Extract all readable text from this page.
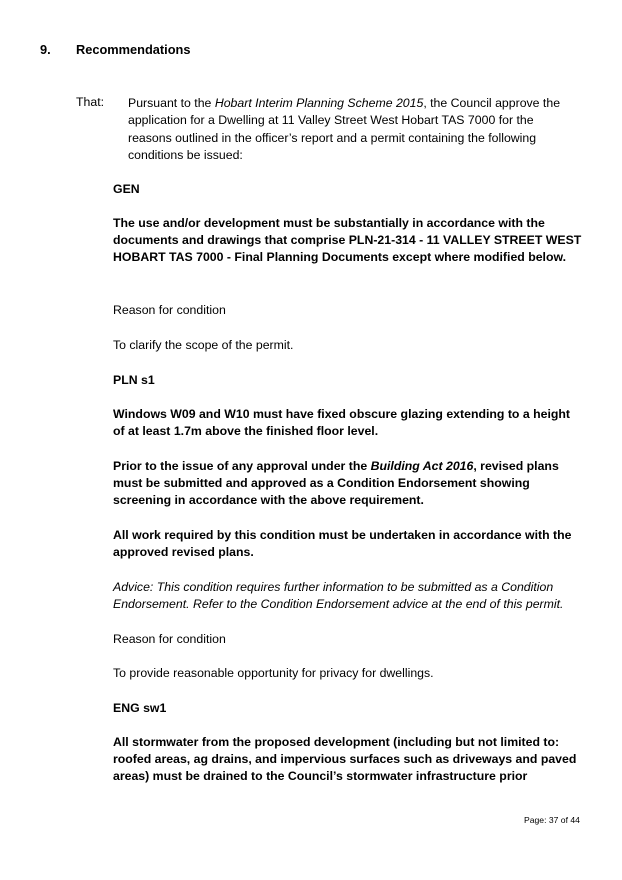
9. Recommendations
That: Pursuant to the Hobart Interim Planning Scheme 2015, the Council approve the application for a Dwelling at 11 Valley Street West Hobart TAS 7000 for the reasons outlined in the officer’s report and a permit containing the following conditions be issued:
GEN
The use and/or development must be substantially in accordance with the documents and drawings that comprise PLN-21-314 - 11 VALLEY STREET WEST HOBART TAS 7000 - Final Planning Documents except where modified below.
Reason for condition
To clarify the scope of the permit.
PLN s1
Windows W09 and W10 must have fixed obscure glazing extending to a height of at least 1.7m above the finished floor level.
Prior to the issue of any approval under the Building Act 2016, revised plans must be submitted and approved as a Condition Endorsement showing screening in accordance with the above requirement.
All work required by this condition must be undertaken in accordance with the approved revised plans.
Advice: This condition requires further information to be submitted as a Condition Endorsement. Refer to the Condition Endorsement advice at the end of this permit.
Reason for condition
To provide reasonable opportunity for privacy for dwellings.
ENG sw1
All stormwater from the proposed development (including but not limited to: roofed areas, ag drains, and impervious surfaces such as driveways and paved areas) must be drained to the Council’s stormwater infrastructure prior
Page: 37 of 44
